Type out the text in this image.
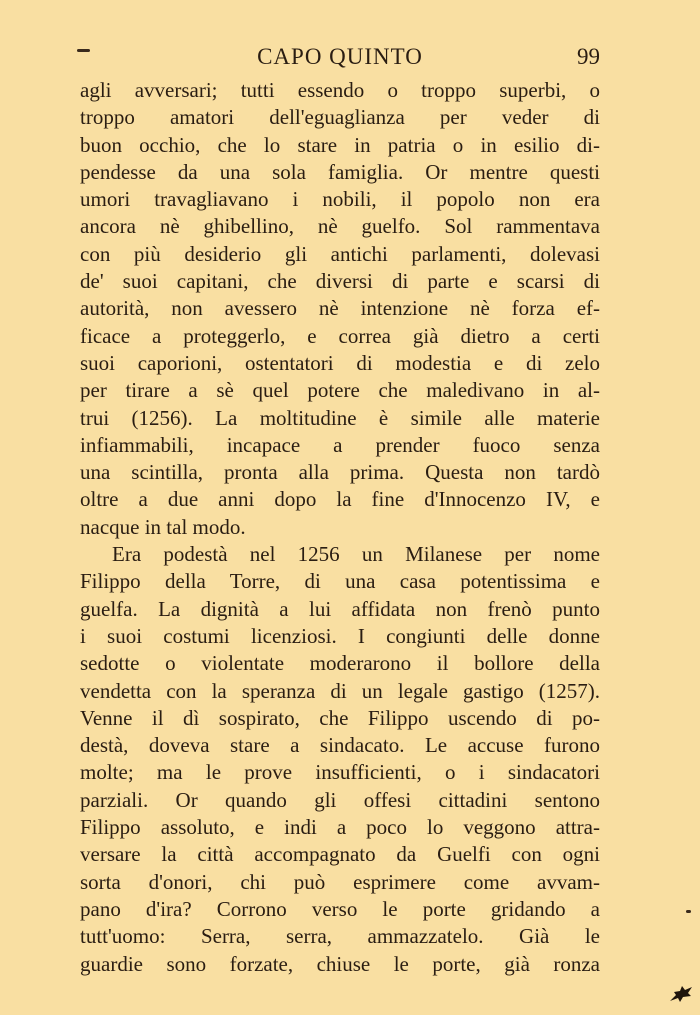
CAPO QUINTO	99
agli avversari; tutti essendo o troppo superbi, o
troppo amatori dell'eguaglianza per veder di
buon occhio, che lo stare in patria o in esilio di-
pendesse da una sola famiglia. Or mentre questi
umori travagliavano i nobili, il popolo non era
ancora nè ghibellino, nè guelfo. Sol rammentava
con più desiderio gli antichi parlamenti, dolevasi
de' suoi capitani, che diversi di parte e scarsi di
autorità, non avessero nè intenzione nè forza ef-
ficace a proteggerlo, e correa già dietro a certi
suoi caporioni, ostentatori di modestia e di zelo
per tirare a sè quel potere che maledivano in al-
trui (1256). La moltitudine è simile alle materie
infiammabili, incapace a prender fuoco senza
una scintilla, pronta alla prima. Questa non tardò
oltre a due anni dopo la fine d'Innocenzo IV, e
nacque in tal modo.
Era podestà nel 1256 un Milanese per nome
Filippo della Torre, di una casa potentissima e
guelfa. La dignità a lui affidata non frenò punto
i suoi costumi licenziosi. I congiunti delle donne
sedotte o violentate moderarono il bollore della
vendetta con la speranza di un legale gastigo (1257).
Venne il dì sospirato, che Filippo uscendo di po-
destà, doveva stare a sindacato. Le accuse furono
molte; ma le prove insufficienti, o i sindacatori
parziali. Or quando gli offesi cittadini sentono
Filippo assoluto, e indi a poco lo veggono attra-
versare la città accompagnato da Guelfi con ogni
sorta d'onori, chi può esprimere come avvam-
pano d'ira? Corrono verso le porte gridando a
tutt'uomo: Serra, serra, ammazzatelo. Già le
guardie sono forzate, chiuse le porte, già ronza
